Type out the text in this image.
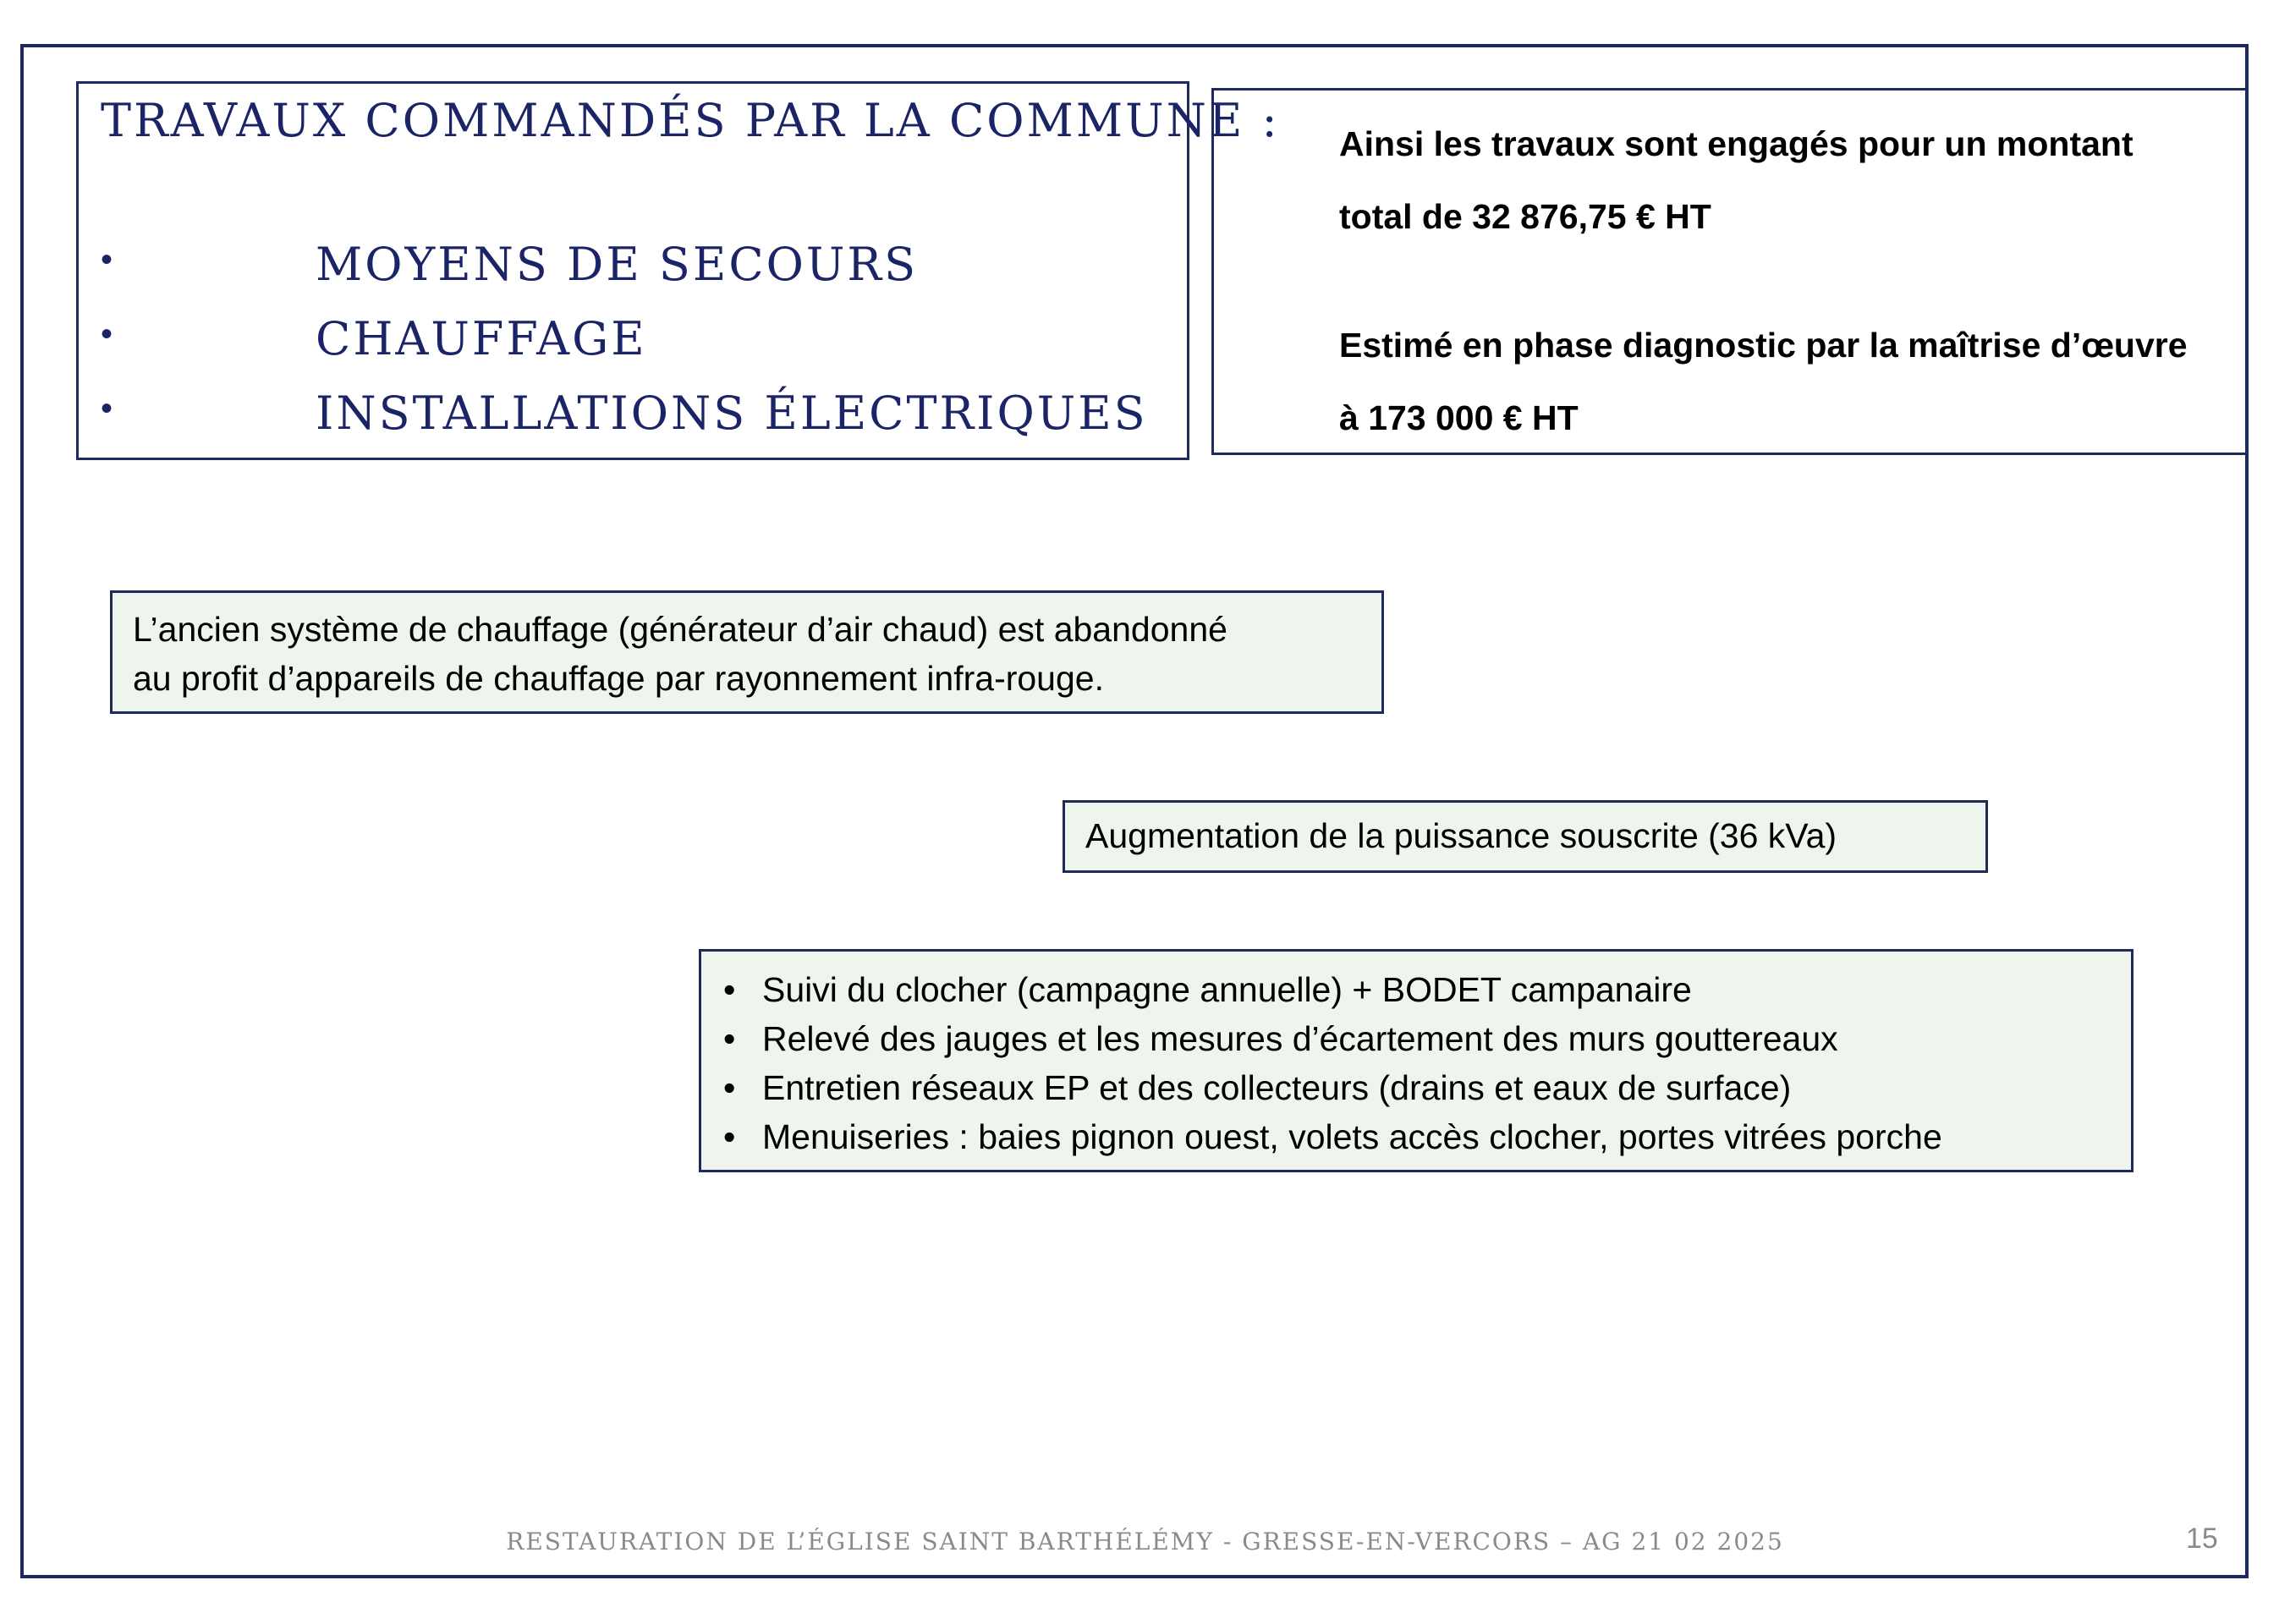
TRAVAUX COMMANDÉS PAR LA COMMUNE :
•	MOYENS DE SECOURS
•	CHAUFFAGE
•	INSTALLATIONS ÉLECTRIQUES

Ainsi les travaux sont engagés pour un montant

total de 32 876,75 € HT

Estimé en phase diagnostic par la maîtrise d’œuvre

à 173 000 € HT

L’ancien système de chauffage (générateur d’air chaud) est abandonné
au profit d’appareils de chauffage par rayonnement infra-rouge.

Augmentation de la puissance souscrite (36 kVa)

• Suivi du clocher (campagne annuelle) + BODET campanaire
• Relevé des jauges et les mesures d’écartement des murs gouttereaux
• Entretien réseaux EP et des collecteurs (drains et eaux de surface)
• Menuiseries : baies pignon ouest, volets accès clocher, portes vitrées porche

RESTAURATION DE L’ÉGLISE SAINT BARTHÉLÉMY - GRESSE-EN-VERCORS – AG 21 02 2025	15
